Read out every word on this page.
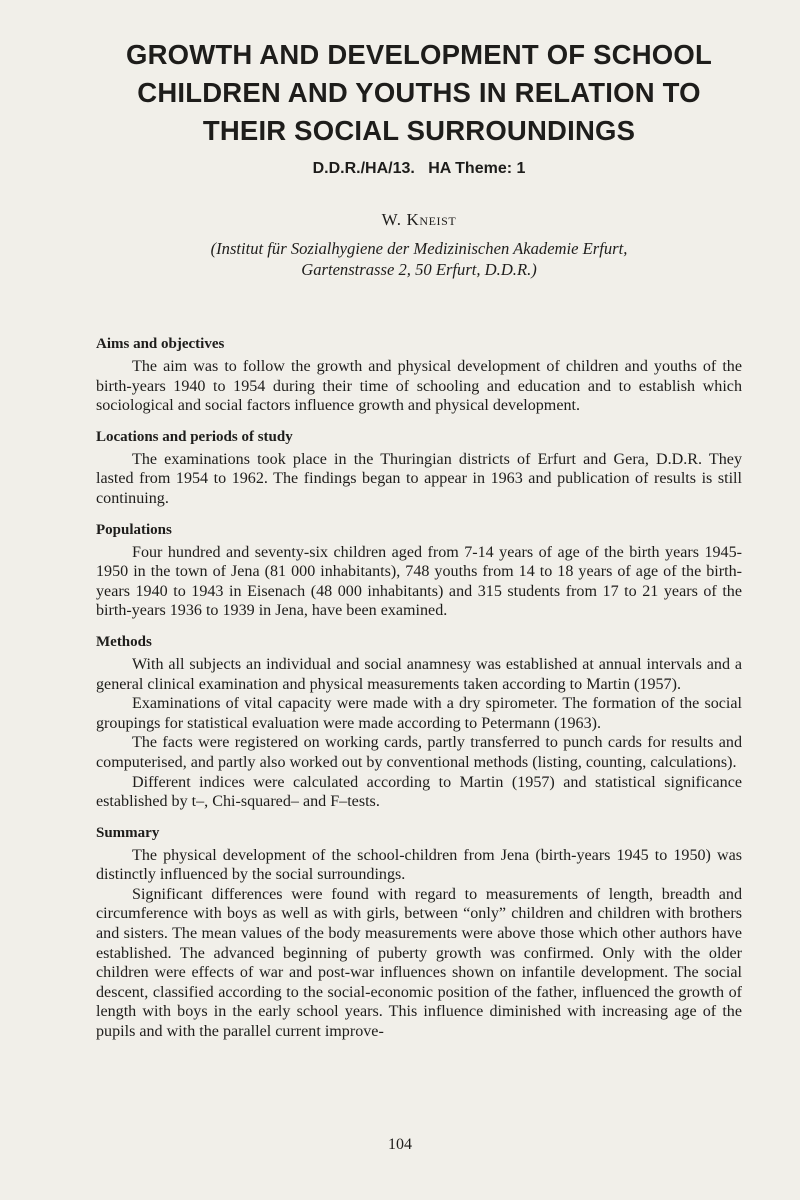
GROWTH AND DEVELOPMENT OF SCHOOL CHILDREN AND YOUTHS IN RELATION TO THEIR SOCIAL SURROUNDINGS
D.D.R./HA/13.   HA Theme: 1
W. Kneist
(Institut für Sozialhygiene der Medizinischen Akademie Erfurt,
Gartenstrasse 2, 50 Erfurt, D.D.R.)
Aims and objectives

The aim was to follow the growth and physical development of children and youths of the birth-years 1940 to 1954 during their time of schooling and education and to establish which sociological and social factors influence growth and physical development.

Locations and periods of study

The examinations took place in the Thuringian districts of Erfurt and Gera, D.D.R. They lasted from 1954 to 1962. The findings began to appear in 1963 and publication of results is still continuing.

Populations

Four hundred and seventy-six children aged from 7-14 years of age of the birth years 1945-1950 in the town of Jena (81 000 inhabitants), 748 youths from 14 to 18 years of age of the birth-years 1940 to 1943 in Eisenach (48 000 inhabitants) and 315 students from 17 to 21 years of the birth-years 1936 to 1939 in Jena, have been examined.

Methods

With all subjects an individual and social anamnesy was established at annual intervals and a general clinical examination and physical measurements taken according to Martin (1957).

Examinations of vital capacity were made with a dry spirometer. The formation of the social groupings for statistical evaluation were made according to Petermann (1963).

The facts were registered on working cards, partly transferred to punch cards for results and computerised, and partly also worked out by conventional methods (listing, counting, calculations).

Different indices were calculated according to Martin (1957) and statistical significance established by t–, Chi-squared– and F–tests.

Summary

The physical development of the school-children from Jena (birth-years 1945 to 1950) was distinctly influenced by the social surroundings.

Significant differences were found with regard to measurements of length, breadth and circumference with boys as well as with girls, between “only” children and children with brothers and sisters. The mean values of the body measurements were above those which other authors have established. The advanced beginning of puberty growth was confirmed. Only with the older children were effects of war and post-war influences shown on infantile development. The social descent, classified according to the social-economic position of the father, influenced the growth of length with boys in the early school years. This influence diminished with increasing age of the pupils and with the parallel current improve-

104
